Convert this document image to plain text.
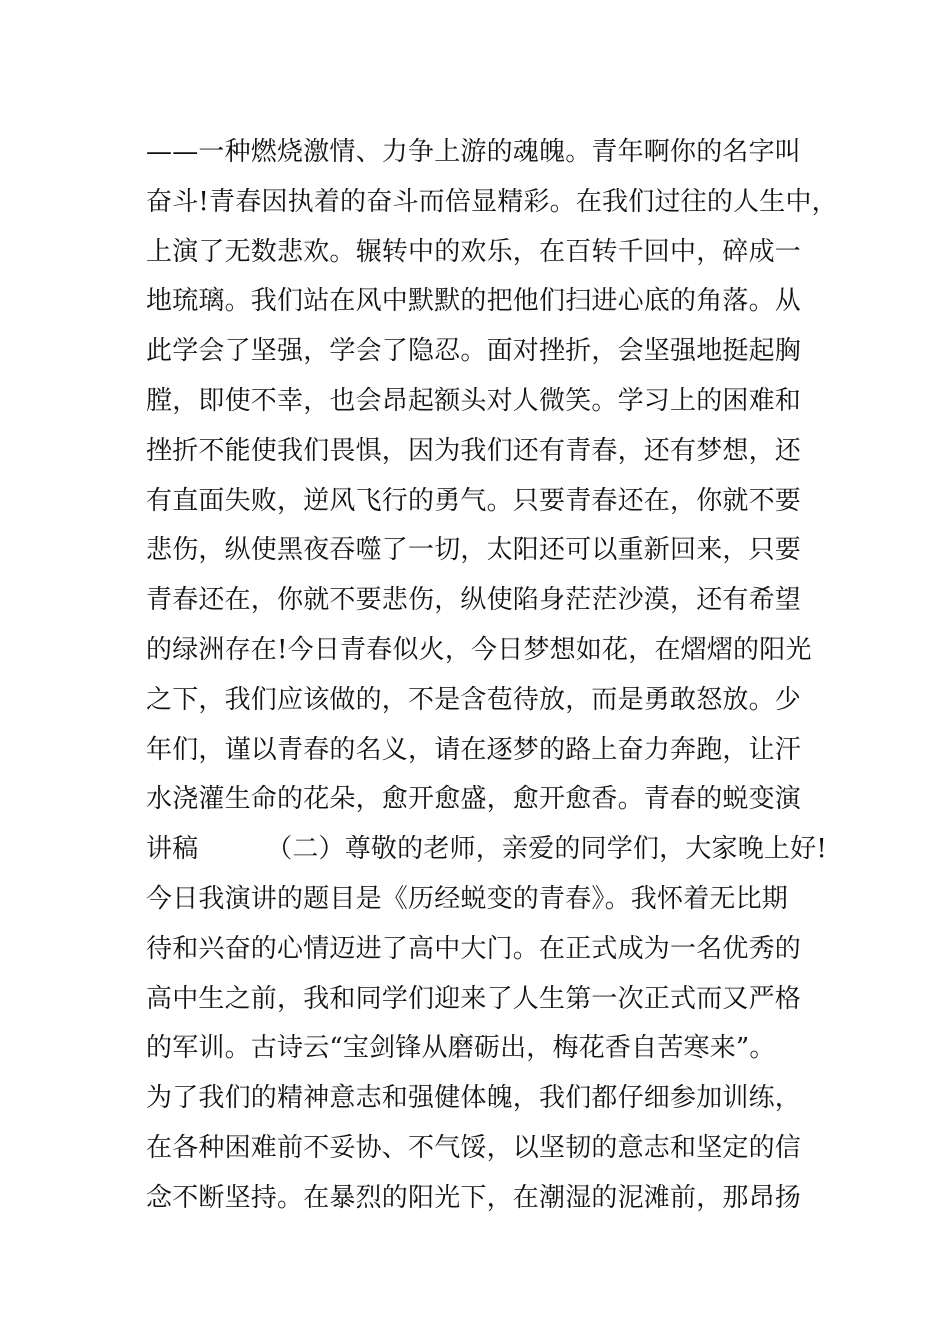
——一种燃烧激情、力争上游的魂魄。青年啊你的名字叫
奋斗!青春因执着的奋斗而倍显精彩。在我们过往的人生中，
上演了无数悲欢。辗转中的欢乐，在百转千回中，碎成一
地琉璃。我们站在风中默默的把他们扫进心底的角落。从
此学会了坚强，学会了隐忍。面对挫折，会坚强地挺起胸
膛，即使不幸，也会昂起额头对人微笑。学习上的困难和
挫折不能使我们畏惧，因为我们还有青春，还有梦想，还
有直面失败，逆风飞行的勇气。只要青春还在，你就不要
悲伤，纵使黑夜吞噬了一切，太阳还可以重新回来，只要
青春还在，你就不要悲伤，纵使陷身茫茫沙漠，还有希望
的绿洲存在!今日青春似火，今日梦想如花，在熠熠的阳光
之下，我们应该做的，不是含苞待放，而是勇敢怒放。少
年们，谨以青春的名义，请在逐梦的路上奋力奔跑，让汗
水浇灌生命的花朵，愈开愈盛，愈开愈香。青春的蜕变演
讲稿        （二）尊敬的老师，亲爱的同学们，大家晚上好!
今日我演讲的题目是《历经蜕变的青春》。我怀着无比期
待和兴奋的心情迈进了高中大门。在正式成为一名优秀的
高中生之前，我和同学们迎来了人生第一次正式而又严格
的军训。古诗云“宝剑锋从磨砺出，梅花香自苦寒来”。
为了我们的精神意志和强健体魄，我们都仔细参加训练，
在各种困难前不妥协、不气馁，以坚韧的意志和坚定的信
念不断坚持。在暴烈的阳光下，在潮湿的泥滩前，那昂扬
